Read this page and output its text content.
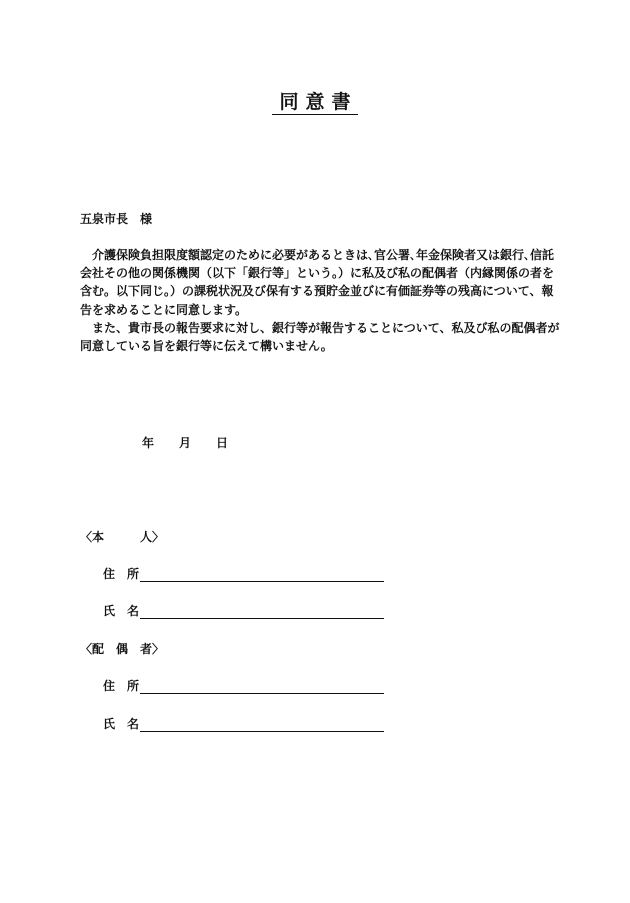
同意書
五泉市長　様

　介護保険負担限度額認定のために必要があるときは､官公署､年金保険者又は銀行､信託会社その他の関係機関（以下「銀行等」という。）に私及び私の配偶者（内縁関係の者を含む。以下同じ。）の課税状況及び保有する預貯金並びに有価証券等の残高について、報告を求めることに同意します。

　また、貴市長の報告要求に対し、銀行等が報告することについて、私及び私の配偶者が同意している旨を銀行等に伝えて構いません。

年 月 日
〈本　　　人〉
住　所
氏　名
〈配　偶　者〉
住　所
氏　名
